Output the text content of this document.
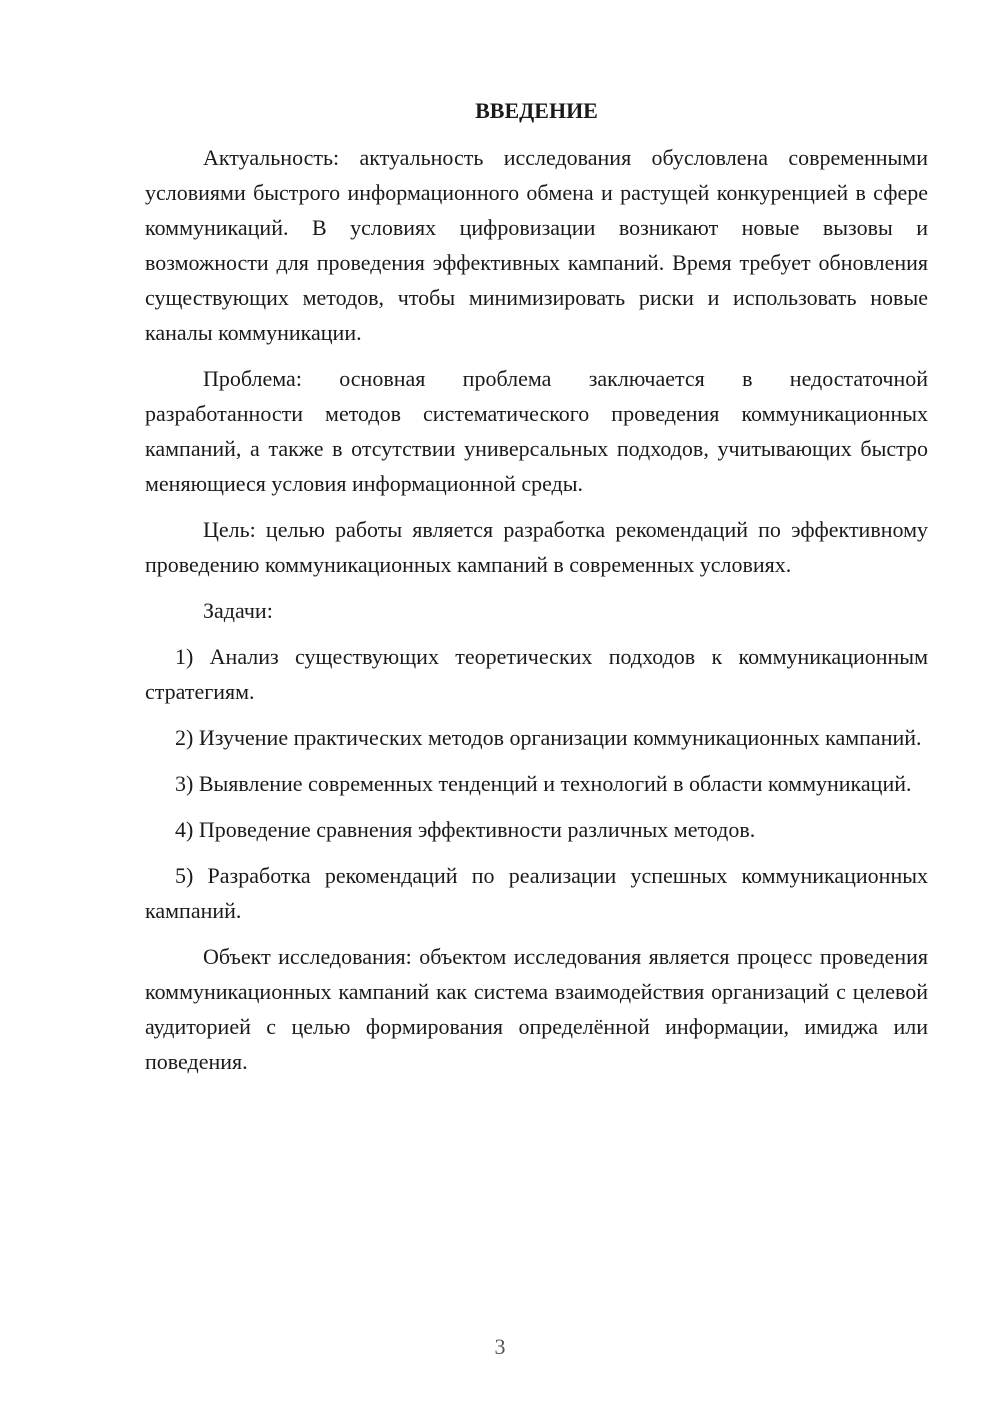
ВВЕДЕНИЕ

Актуальность: актуальность исследования обусловлена современными условиями быстрого информационного обмена и растущей конкуренцией в сфере коммуникаций. В условиях цифровизации возникают новые вызовы и возможности для проведения эффективных кампаний. Время требует обновления существующих методов, чтобы минимизировать риски и использовать новые каналы коммуникации.

Проблема: основная проблема заключается в недостаточной разработанности методов систематического проведения коммуникационных кампаний, а также в отсутствии универсальных подходов, учитывающих быстро меняющиеся условия информационной среды.

Цель: целью работы является разработка рекомендаций по эффективному проведению коммуникационных кампаний в современных условиях.

Задачи:

1) Анализ существующих теоретических подходов к коммуникационным стратегиям.

2) Изучение практических методов организации коммуникационных кампаний.

3) Выявление современных тенденций и технологий в области коммуникаций.

4) Проведение сравнения эффективности различных методов.

5) Разработка рекомендаций по реализации успешных коммуникационных кампаний.

Объект исследования: объектом исследования является процесс проведения коммуникационных кампаний как система взаимодействия организаций с целевой аудиторией с целью формирования определённой информации, имиджа или поведения.

3
